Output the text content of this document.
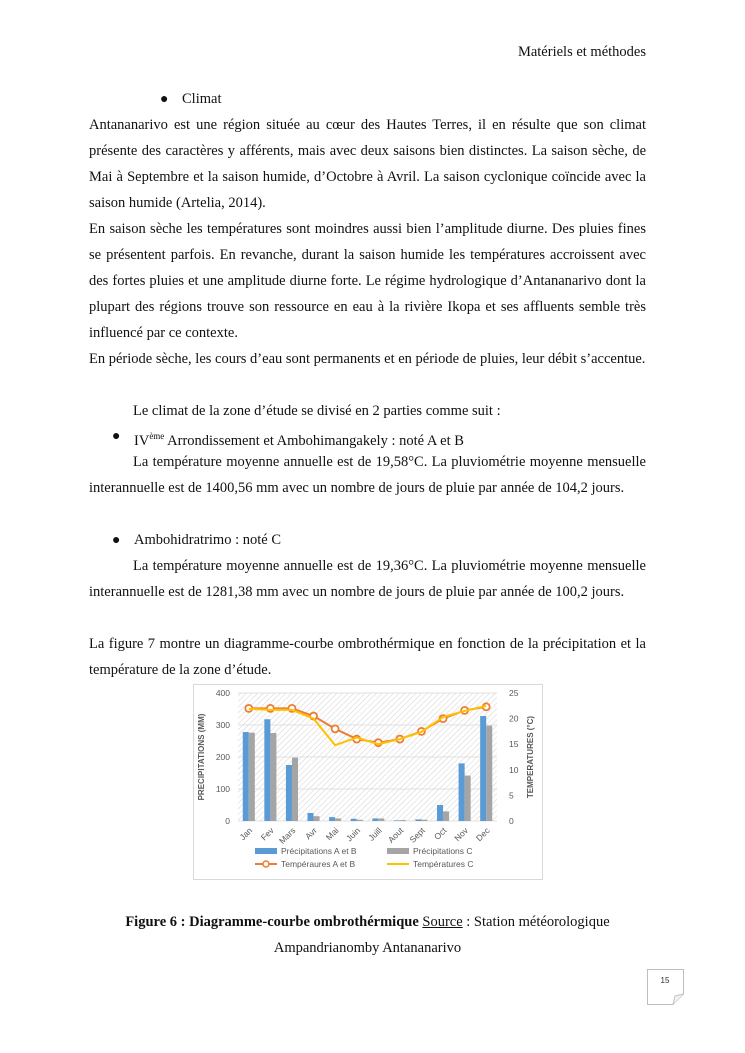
Matériels et méthodes
● Climat
Antananarivo est une région située au cœur des Hautes Terres, il en résulte que son climat présente des caractères y afférents, mais avec deux saisons bien distinctes. La saison sèche, de Mai à Septembre et la saison humide, d’Octobre à Avril. La saison cyclonique coïncide avec la saison humide (Artelia, 2014).
En saison sèche les températures sont moindres aussi bien l’amplitude diurne. Des pluies fines se présentent parfois. En revanche, durant la saison humide les températures accroissent avec des fortes pluies et une amplitude diurne forte. Le régime hydrologique d’Antananarivo dont la plupart des régions trouve son ressource en eau à la rivière Ikopa et ses affluents semble très influencé par ce contexte.
En période sèche, les cours d’eau sont permanents et en période de pluies, leur débit s’accentue.
Le climat de la zone d’étude se divisé en 2 parties comme suit :
● IVème Arrondissement et Ambohimangakely : noté A et B
La température moyenne annuelle est de 19,58°C. La pluviométrie moyenne mensuelle interannuelle est de 1400,56 mm avec un nombre de jours de pluie par année de 104,2 jours.
● Ambohidratrimo : noté C
La température moyenne annuelle est de 19,36°C. La pluviométrie moyenne mensuelle interannuelle est de 1281,38 mm avec un nombre de jours de pluie par année de 100,2 jours.
La figure 7 montre un diagramme-courbe ombrothérmique en fonction de la précipitation et la température de la zone d’étude.
0
100
200
300
400
0
5
10
15
20
25
Jan Fev Mars Avr Mai Juin Juill Aout Sept Oct Nov Dec
PRECIPITATIONS (MM)	TEMPERATURES (°C)
Précipitations A et B	Précipitations C
Tempéraures A et B	Températures C
Figure 6 : Diagramme-courbe ombrothérmique Source : Station météorologique
Ampandrianomby Antananarivo
15
